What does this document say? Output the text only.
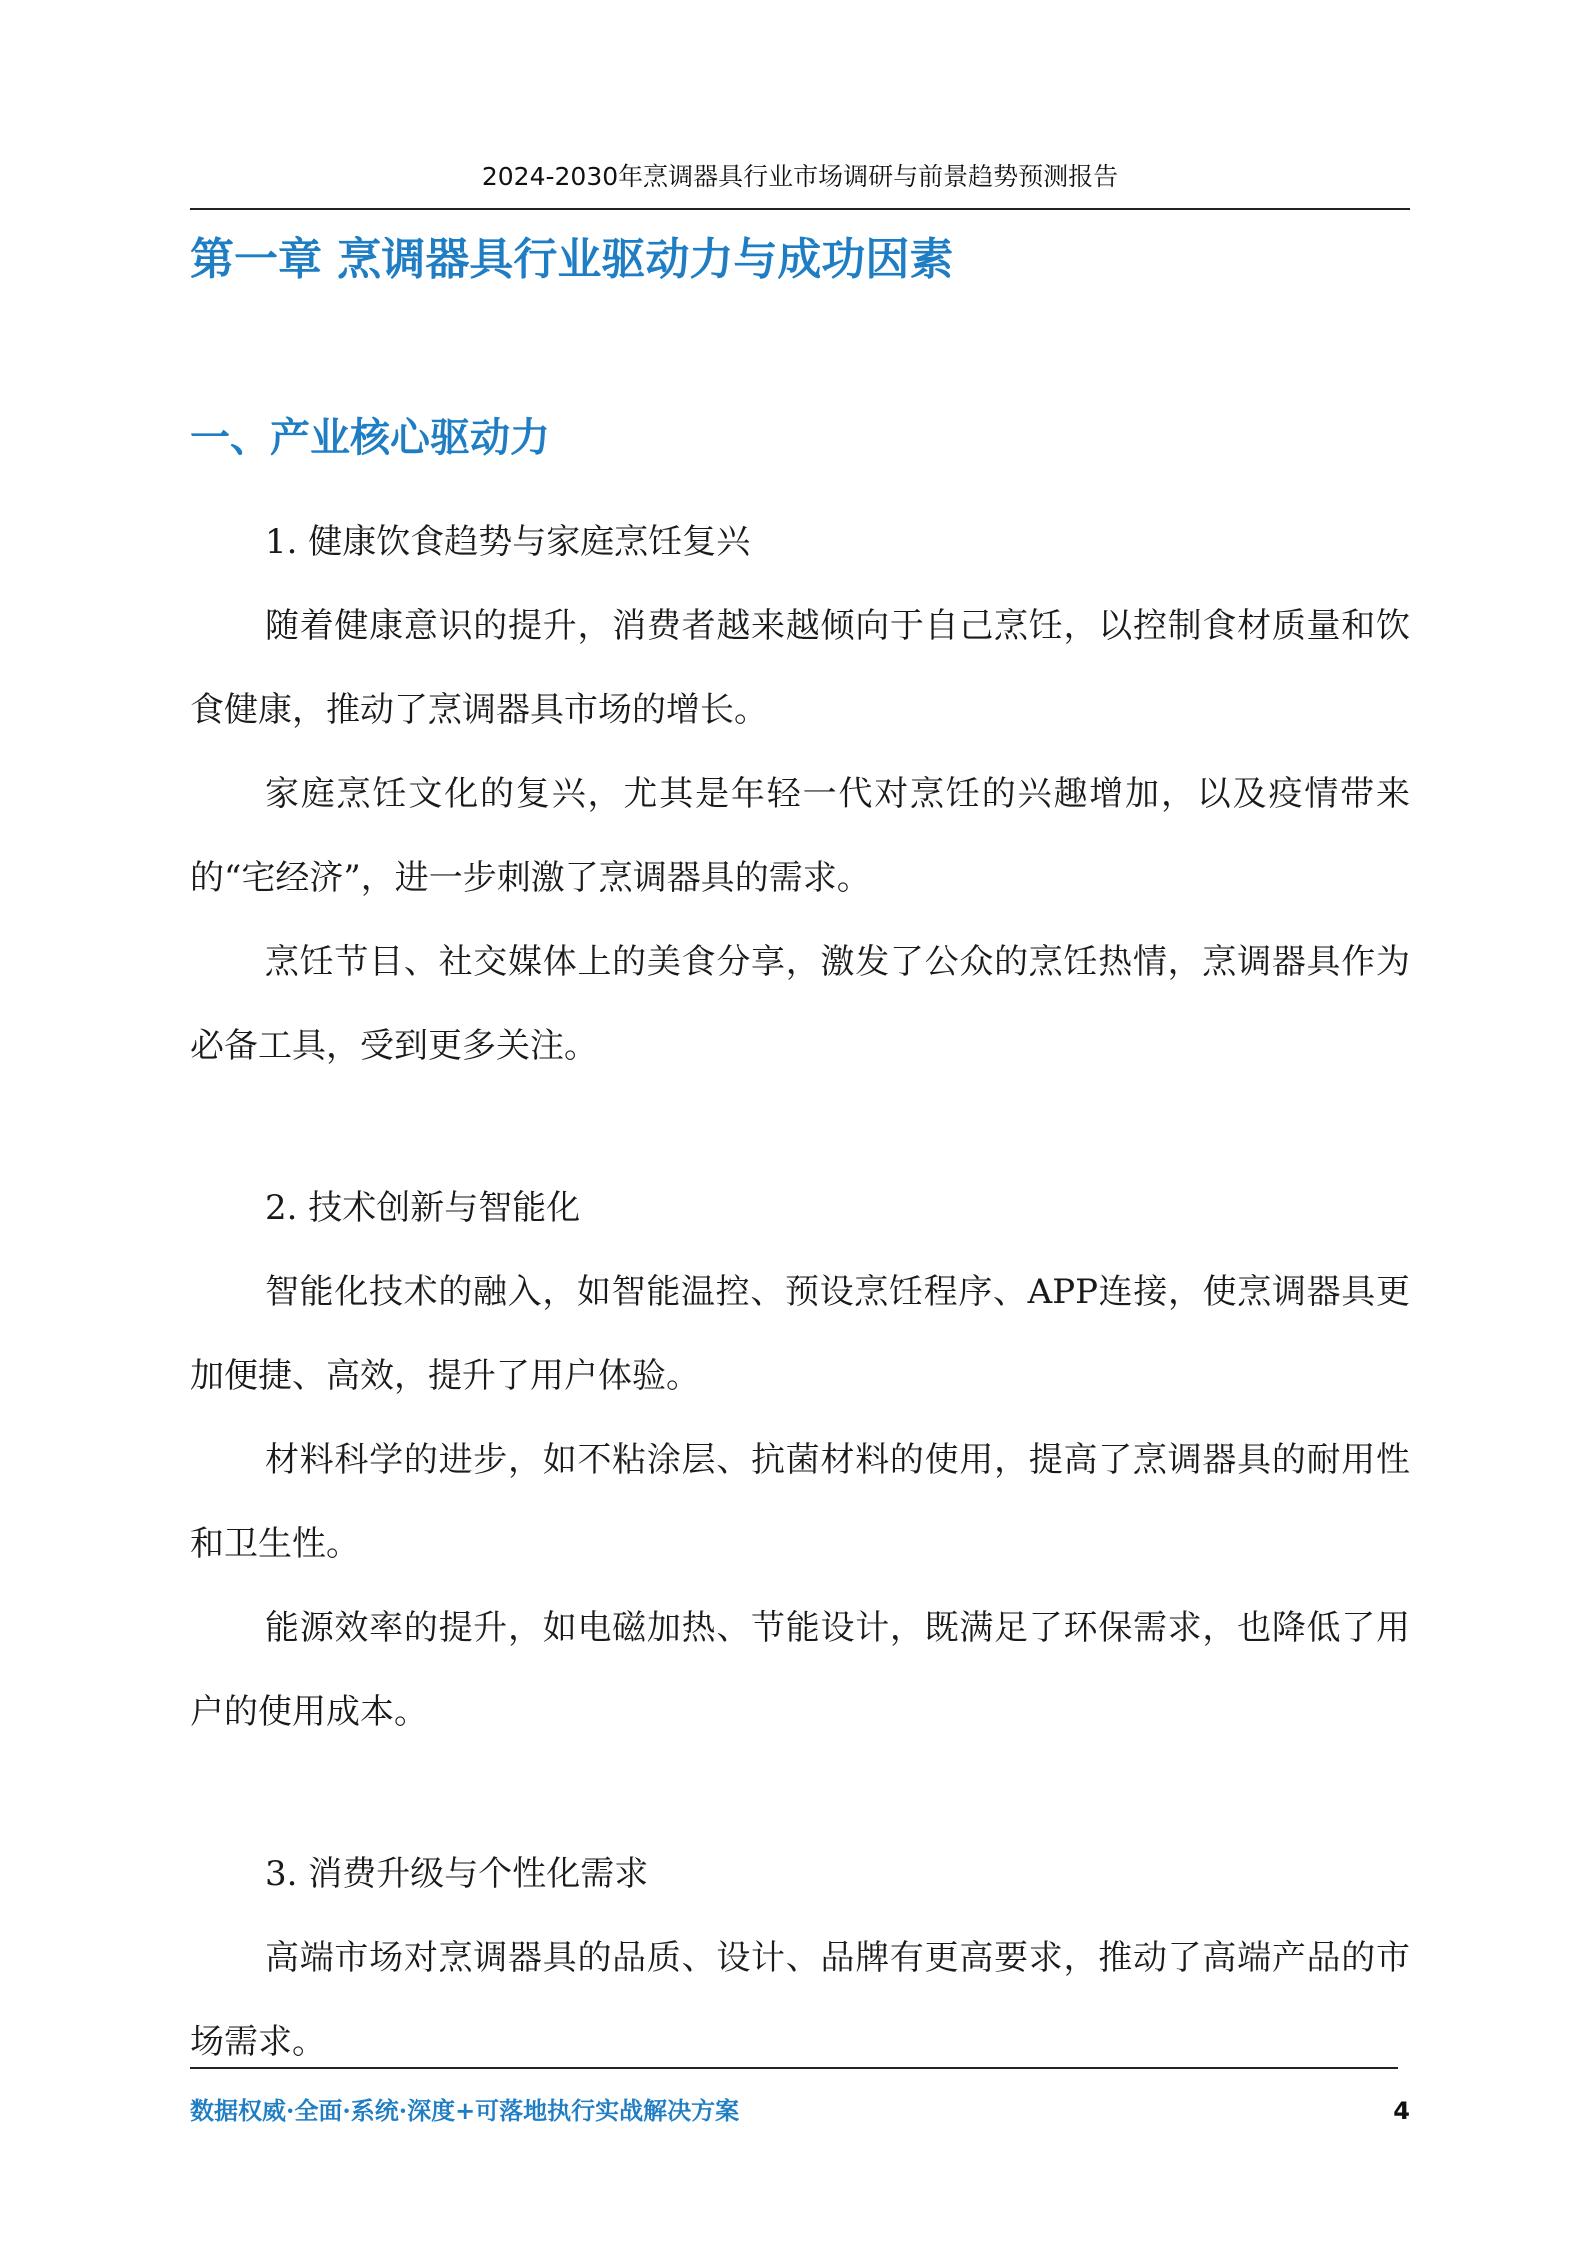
2024-2030年烹调器具行业市场调研与前景趋势预测报告
第一章 烹调器具行业驱动力与成功因素
一、产业核心驱动力

1. 健康饮食趋势与家庭烹饪复兴

随着健康意识的提升，消费者越来越倾向于自己烹饪，以控制食材质量和饮食健康，推动了烹调器具市场的增长。

家庭烹饪文化的复兴，尤其是年轻一代对烹饪的兴趣增加，以及疫情带来的“宅经济”，进一步刺激了烹调器具的需求。

烹饪节目、社交媒体上的美食分享，激发了公众的烹饪热情，烹调器具作为必备工具，受到更多关注。

2. 技术创新与智能化

智能化技术的融入，如智能温控、预设烹饪程序、APP连接，使烹调器具更加便捷、高效，提升了用户体验。

材料科学的进步，如不粘涂层、抗菌材料的使用，提高了烹调器具的耐用性和卫生性。

能源效率的提升，如电磁加热、节能设计，既满足了环保需求，也降低了用户的使用成本。

3. 消费升级与个性化需求

高端市场对烹调器具的品质、设计、品牌有更高要求，推动了高端产品的市场需求。

数据权威·全面·系统·深度+可落地执行实战解决方案	4
